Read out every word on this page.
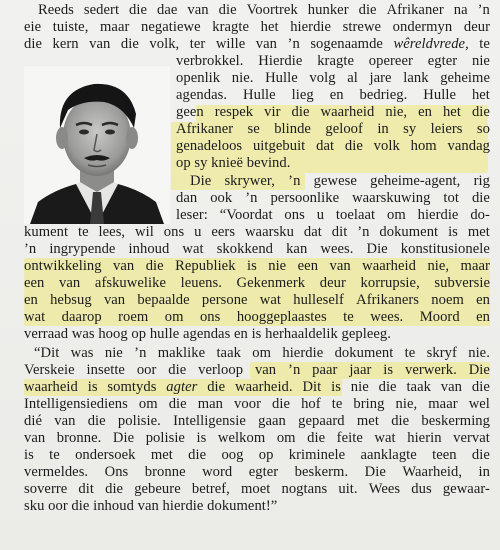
Reeds sedert die dae van die Voortrek hunker die Afrikaner na ’n
eie tuiste, maar negatiewe kragte het hierdie strewe ondermyn deur
die kern van die volk, ter wille van ’n sogenaamde wêreldvrede, te
verbrokkel. Hierdie kragte opereer egter nie
openlik nie. Hulle volg al jare lank geheime
agendas. Hulle lieg en bedrieg. Hulle het
geen respek vir die waarheid nie, en het die
Afrikaner se blinde geloof in sy leiers so
genadeloos uitgebuit dat die volk hom vandag
op sy knieë bevind.
Die skrywer, ’n gewese geheime-agent, rig
dan ook ’n persoonlike waarskuwing tot die
leser: “Voordat ons u toelaat om hierdie do-
kument te lees, wil ons u eers waarsku dat dit ’n dokument is met
’n ingrypende inhoud wat skokkend kan wees. Die konstitusionele
ontwikkeling van die Republiek is nie een van waarheid nie, maar
een van afskuwelike leuens. Gekenmerk deur korrupsie, subversie
en hebsug van bepaalde persone wat hulleself Afrikaners noem en
wat daarop roem om ons hooggeplaastes te wees. Moord en
verraad was hoog op hulle agendas en is herhaaldelik gepleeg.
“Dit was nie ’n maklike taak om hierdie dokument te skryf nie.
Verskeie insette oor die verloop van ’n paar jaar is verwerk. Die
waarheid is somtyds agter die waarheid. Dit is nie die taak van die
Intelligensiediens om die man voor die hof te bring nie, maar wel
dié van die polisie. Intelligensie gaan gepaard met die beskerming
van bronne. Die polisie is welkom om die feite wat hierin vervat
is te ondersoek met die oog op kriminele aanklagte teen die
vermeldes. Ons bronne word egter beskerm. Die Waarheid, in
soverre dit die gebeure betref, moet nogtans uit. Wees dus gewaar-
sku oor die inhoud van hierdie dokument!”
